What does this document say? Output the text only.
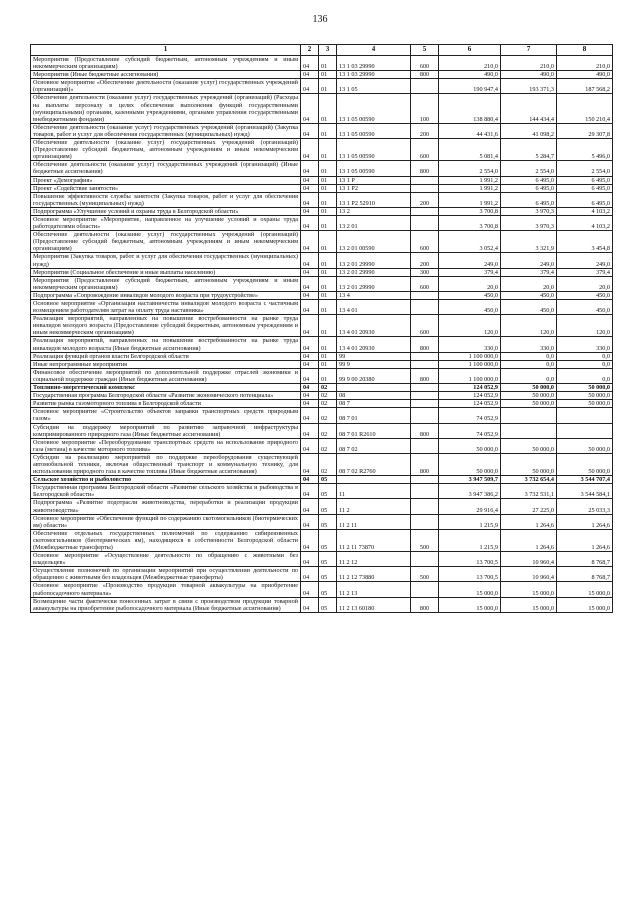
136
1	2	3	4	5	6	7	8
Мероприятия (Предоставление субсидий бюджетным, автономным учреждениям и иным некоммерческим организациям)	04	01	13 1 03 29990	600	210,0	210,0	210,0
Мероприятия (Иные бюджетные ассигнования)	04	01	13 1 03 29990	800	490,0	490,0	490,0
Основное мероприятие «Обеспечение деятельности (оказание услуг) государственных учреждений (организаций)»	04	01	13 1 05		190 947,4	193 371,3	187 568,2
Обеспечение деятельности (оказание услуг) государственных учреждений (организаций) (Расходы на выплаты персоналу в целях обеспечения выполнения функций государственными (муниципальными) органами, казенными учреждениями, органами управления государственными внебюджетными фондами)	04	01	13 1 05 00590	100	138 880,4	144 434,4	150 210,4
Обеспечение деятельности (оказание услуг) государственных учреждений (организаций) (Закупка товаров, работ и услуг для обеспечения государственных (муниципальных) нужд)	04	01	13 1 05 00590	200	44 431,6	41 098,2	29 307,8
Обеспечение деятельности (оказание услуг) государственных учреждений (организаций) (Предоставление субсидий бюджетным, автономным учреждениям и иным некоммерческим организациям)	04	01	13 1 05 00590	600	5 081,4	5 284,7	5 496,0
Обеспечение деятельности (оказание услуг) государственных учреждений (организаций) (Иные бюджетные ассигнования)	04	01	13 1 05 00590	800	2 554,0	2 554,0	2 554,0
Проект «Демография»	04	01	13 1 P		1 991,2	6 495,0	6 495,0
Проект «Содействие занятости»	04	01	13 1 P2		1 991,2	6 495,0	6 495,0
Повышение эффективности службы занятости (Закупка товаров, работ и услуг для обеспечения государственных (муниципальных) нужд)	04	01	13 1 P2 52910	200	1 991,2	6 495,0	6 495,0
Подпрограмма «Улучшение условий и охраны труда в Белгородской области»	04	01	13 2		3 700,8	3 970,3	4 103,2
Основное мероприятие «Мероприятие, направленное на улучшение условий и охраны труда работодателями области»	04	01	13 2 01		3 700,8	3 970,3	4 103,2
Обеспечение деятельности (оказание услуг) государственных учреждений (организаций) (Предоставление субсидий бюджетным, автономным учреждениям и иным некоммерческим организациям)	04	01	13 2 01 00590	600	3 052,4	3 321,9	3 454,8
Мероприятия (Закупка товаров, работ и услуг для обеспечения государственных (муниципальных) нужд)	04	01	13 2 01 29990	200	249,0	249,0	249,0
Мероприятия (Социальное обеспечение и иные выплаты населению)	04	01	13 2 01 29990	300	379,4	379,4	379,4
Мероприятия (Предоставление субсидий бюджетным, автономным учреждениям и иным некоммерческим организациям)	04	01	13 2 01 29990	600	20,0	20,0	20,0
Подпрограмма «Сопровождение инвалидов молодого возраста при трудоустройстве»	04	01	13 4		450,0	450,0	450,0
Основное мероприятие «Организация наставничества инвалидов молодого возраста с частичным возмещением работодателям затрат на оплату труда наставника»	04	01	13 4 01		450,0	450,0	450,0
Реализация мероприятий, направленных на повышение востребованности на рынке труда инвалидов молодого возраста (Предоставление субсидий бюджетным, автономным учреждениям и иным некоммерческим организациям)	04	01	13 4 01 20930	600	120,0	120,0	120,0
Реализация мероприятий, направленных на повышение востребованности на рынке труда инвалидов молодого возраста (Иные бюджетные ассигнования)	04	01	13 4 01 20930	800	330,0	330,0	330,0
Реализация функций органов власти Белгородской области	04	01	99		1 100 000,0	0,0	0,0
Иные непрограммные мероприятия	04	01	99 9		1 100 000,0	0,0	0,0
Финансовое обеспечение мероприятий по дополнительной поддержке отраслей экономики и социальной поддержке граждан (Иные бюджетные ассигнования)	04	01	99 9 00 20380	800	1 100 000,0	0,0	0,0
Топливно-энергетический комплекс	04	02			124 052,9	50 000,0	50 000,0
Государственная программа Белгородской области «Развитие экономического потенциала»	04	02	08		124 052,9	50 000,0	50 000,0
Развитие рынка газомоторного топлива в Белгородской области	04	02	08 7		124 052,9	50 000,0	50 000,0
Основное мероприятие «Строительство объектов заправки транспортных средств природным газом»	04	02	08 7 01		74 052,9		
Субсидии на поддержку мероприятий по развитию заправочной инфраструктуры компримированного природного газа (Иные бюджетные ассигнования)	04	02	08 7 01 R2610	800	74 052,9		
Основное мероприятие «Переоборудование транспортных средств на использование природного газа (метана) в качестве моторного топлива»	04	02	08 7 02		50 000,0	50 000,0	50 000,0
Субсидии на реализацию мероприятий по поддержке переоборудования существующей автомобильной техники, включая общественный транспорт и коммунальную технику, для использования природного газа в качестве топлива (Иные бюджетные ассигнования)	04	02	08 7 02 R2760	800	50 000,0	50 000,0	50 000,0
Сельское хозяйство и рыболовство	04	05			3 947 509,7	3 732 654,4	3 544 707,4
Государственная программа Белгородской области «Развитие сельского хозяйства и рыбоводства в Белгородской области»	04	05	11		3 947 386,2	3 732 531,1	3 544 584,1
Подпрограмма «Развитие подотрасли животноводства, переработки и реализации продукции животноводства»	04	05	11 2		29 916,4	27 225,0	25 033,3
Основное мероприятие «Обеспечение функций по содержанию скотомогильников (биотермических ям) области»	04	05	11 2 11		1 215,9	1 264,6	1 264,6
Обеспечение отдельных государственных полномочий по содержанию сибиреязвенных скотомогильников (биотермических ям), находящихся в собственности Белгородской области (Межбюджетные трансферты)	04	05	11 2 11 73870	500	1 215,9	1 264,6	1 264,6
Основное мероприятие «Осуществление деятельности по обращению с животными без владельцев»	04	05	11 2 12		13 700,5	10 960,4	8 768,7
Осуществление полномочий по организации мероприятий при осуществлении деятельности по обращению с животными без владельцев (Межбюджетные трансферты)	04	05	11 2 12 73880	500	13 700,5	10 960,4	8 768,7
Основное мероприятие «Производство продукции товарной аквакультуры на приобретение рыбопосадочного материала»	04	05	11 2 13		15 000,0	15 000,0	15 000,0
Возмещение части фактически понесенных затрат в связи с производством продукции товарной аквакультуры на приобретение рыбопосадочного материала (Иные бюджетные ассигнования)	04	05	11 2 13 60180	800	15 000,0	15 000,0	15 000,0
